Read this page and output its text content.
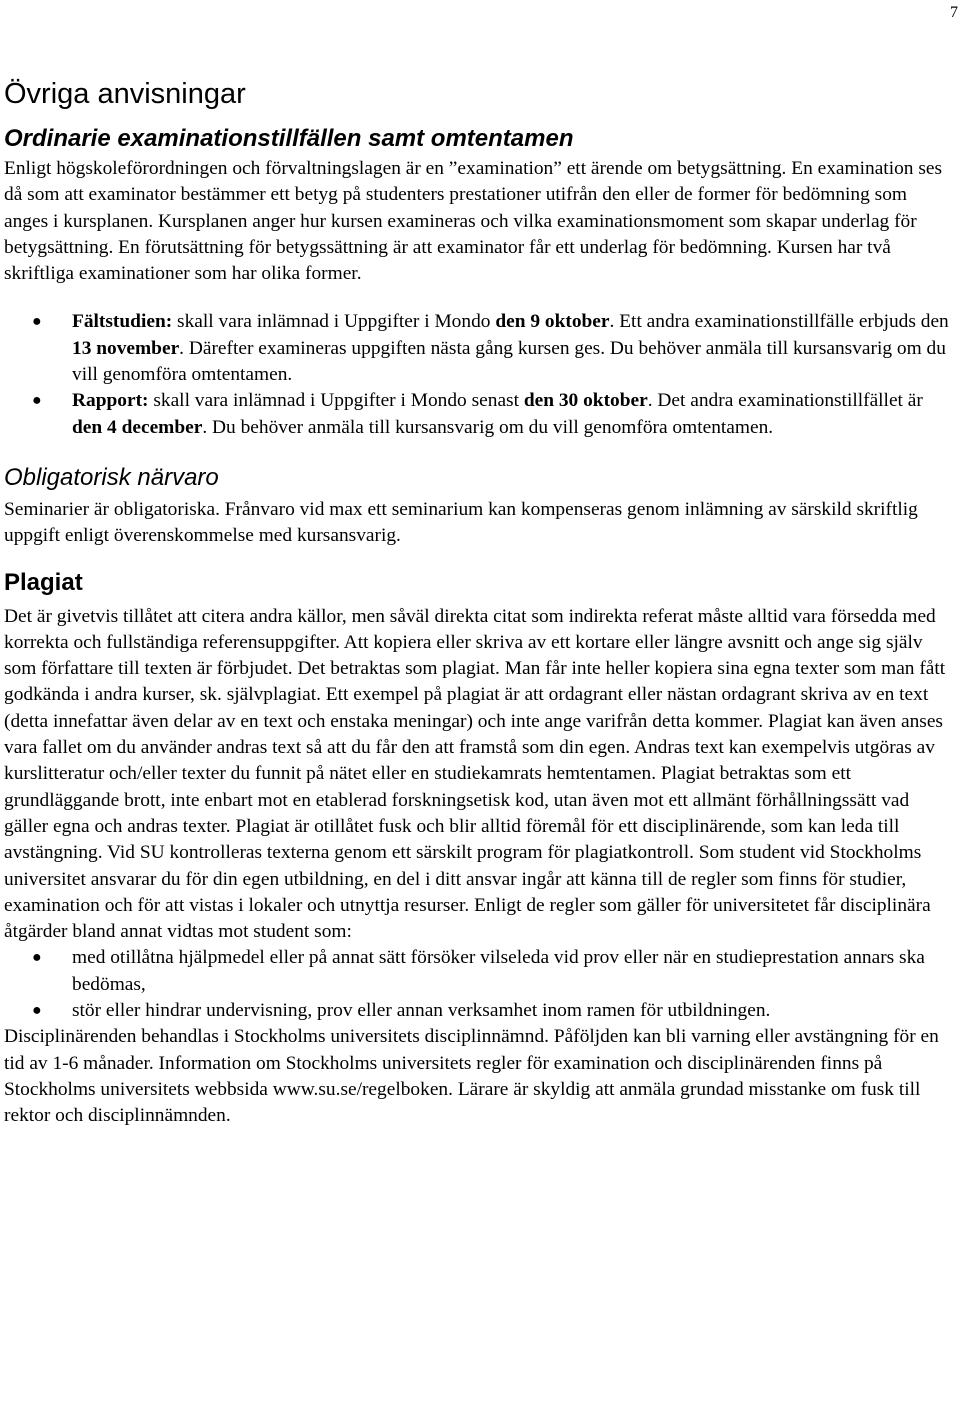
7
Övriga anvisningar
Ordinarie examinationstillfällen samt omtentamen

Enligt högskoleförordningen och förvaltningslagen är en ”examination” ett ärende om betygsättning. En examination ses då som att examinator bestämmer ett betyg på studenters prestationer utifrån den eller de former för bedömning som anges i kursplanen. Kursplanen anger hur kursen examineras och vilka examinationsmoment som skapar underlag för betygsättning. En förutsättning för betygssättning är att examinator får ett underlag för bedömning. Kursen har två skriftliga examinationer som har olika former.

● Fältstudien: skall vara inlämnad i Uppgifter i Mondo den 9 oktober. Ett andra examinationstillfälle erbjuds den 13 november. Därefter examineras uppgiften nästa gång kursen ges. Du behöver anmäla till kursansvarig om du vill genomföra omtentamen.
● Rapport: skall vara inlämnad i Uppgifter i Mondo senast den 30 oktober. Det andra examinationstillfället är den 4 december. Du behöver anmäla till kursansvarig om du vill genomföra omtentamen.
Obligatorisk närvaro

Seminarier är obligatoriska. Frånvaro vid max ett seminarium kan kompenseras genom inlämning av särskild skriftlig uppgift enligt överenskommelse med kursansvarig.

Plagiat

Det är givetvis tillåtet att citera andra källor, men såväl direkta citat som indirekta referat måste alltid vara försedda med korrekta och fullständiga referensuppgifter. Att kopiera eller skriva av ett kortare eller längre avsnitt och ange sig själv som författare till texten är förbjudet. Det betraktas som plagiat. Man får inte heller kopiera sina egna texter som man fått godkända i andra kurser, sk. självplagiat. Ett exempel på plagiat är att ordagrant eller nästan ordagrant skriva av en text (detta innefattar även delar av en text och enstaka meningar) och inte ange varifrån detta kommer. Plagiat kan även anses vara fallet om du använder andras text så att du får den att framstå som din egen. Andras text kan exempelvis utgöras av kurslitteratur och/eller texter du funnit på nätet eller en studiekamrats hemtentamen. Plagiat betraktas som ett grundläggande brott, inte enbart mot en etablerad forskningsetisk kod, utan även mot ett allmänt förhållningssätt vad gäller egna och andras texter. Plagiat är otillåtet fusk och blir alltid föremål för ett disciplinärende, som kan leda till avstängning. Vid SU kontrolleras texterna genom ett särskilt program för plagiatkontroll. Som student vid Stockholms universitet ansvarar du för din egen utbildning, en del i ditt ansvar ingår att känna till de regler som finns för studier, examination och för att vistas i lokaler och utnyttja resurser. Enligt de regler som gäller för universitetet får disciplinära åtgärder bland annat vidtas mot student som:

● med otillåtna hjälpmedel eller på annat sätt försöker vilseleda vid prov eller när en studieprestation annars ska bedömas,
● stör eller hindrar undervisning, prov eller annan verksamhet inom ramen för utbildningen.

Disciplinärenden behandlas i Stockholms universitets disciplinnämnd. Påföljden kan bli varning eller avstängning för en tid av 1-6 månader. Information om Stockholms universitets regler för examination och disciplinärenden finns på Stockholms universitets webbsida www.su.se/regelboken. Lärare är skyldig att anmäla grundad misstanke om fusk till rektor och disciplinnämnden.
